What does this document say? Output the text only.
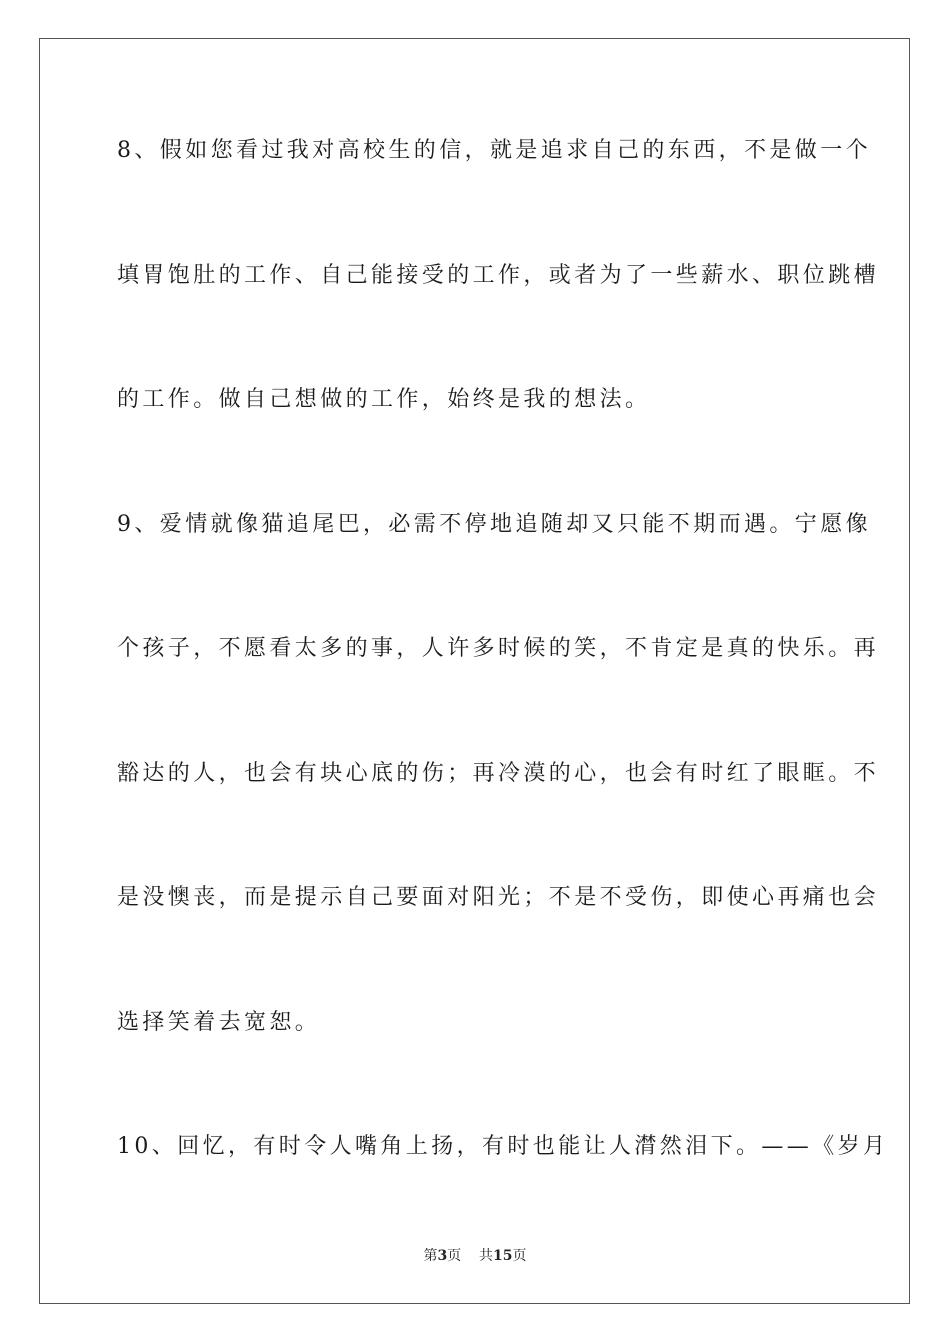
8、假如您看过我对高校生的信，就是追求自己的东西，不是做一个
填胃饱肚的工作、自己能接受的工作，或者为了一些薪水、职位跳槽
的工作。做自己想做的工作，始终是我的想法。
9、爱情就像猫追尾巴，必需不停地追随却又只能不期而遇。宁愿像
个孩子，不愿看太多的事，人许多时候的笑，不肯定是真的快乐。再
豁达的人，也会有块心底的伤；再冷漠的心，也会有时红了眼眶。不
是没懊丧，而是提示自己要面对阳光；不是不受伤，即使心再痛也会
选择笑着去宽恕。
10、回忆，有时令人嘴角上扬，有时也能让人潸然泪下。——《岁月
第3页 共15页
